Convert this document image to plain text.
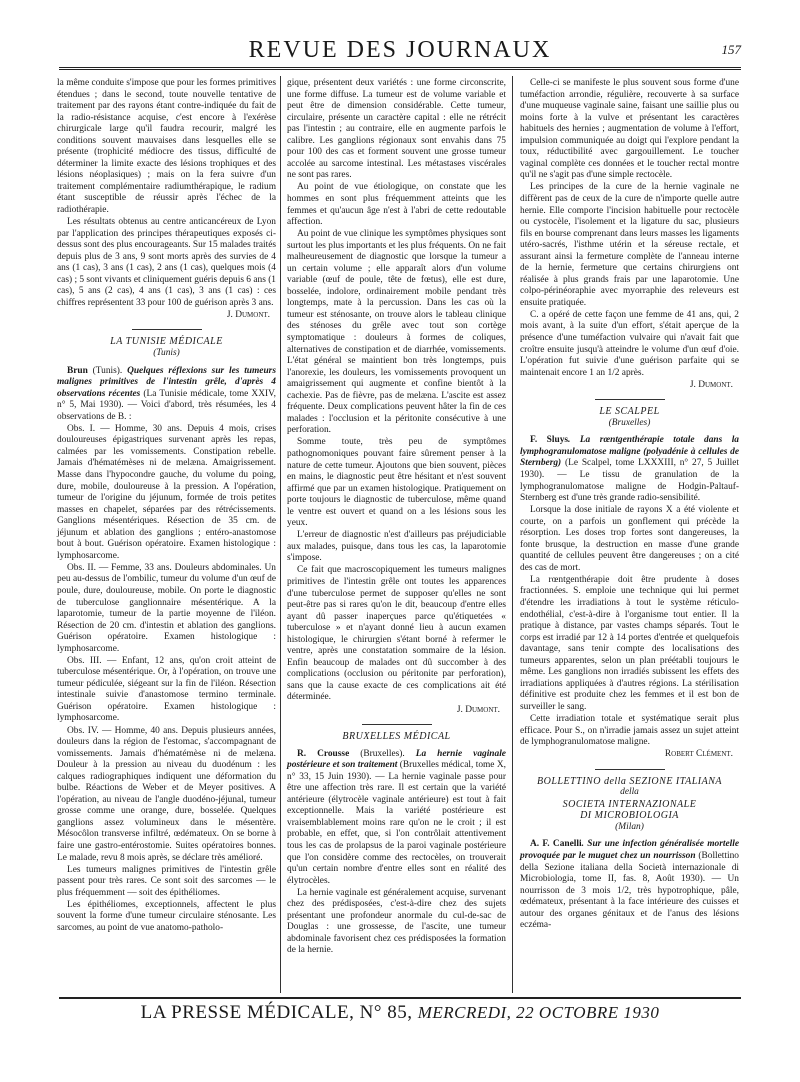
REVUE DES JOURNAUX	157

la même conduite s'impose que pour les formes primitives étendues ; dans le second, toute nouvelle tentative de traitement par des rayons étant contre-indiquée du fait de la radio-résistance acquise, c'est encore à l'exérèse chirurgicale large qu'il faudra recourir, malgré les conditions souvent mauvaises dans lesquelles elle se présente (trophicité médiocre des tissus, difficulté de déterminer la limite exacte des lésions trophiques et des lésions néoplasiques) ; mais on la fera suivre d'un traitement complémentaire radiumthérapique, le radium étant susceptible de réussir après l'échec de la radiothérapie.

Les résultats obtenus au centre anticancéreux de Lyon par l'application des principes thérapeutiques exposés ci-dessus sont des plus encourageants. Sur 15 malades traités depuis plus de 3 ans, 9 sont morts après des survies de 4 ans (1 cas), 3 ans (1 cas), 2 ans (1 cas), quelques mois (4 cas) ; 5 sont vivants et cliniquement guéris depuis 6 ans (1 cas), 5 ans (2 cas), 4 ans (1 cas), 3 ans (1 cas) : ces chiffres représentent 33 pour 100 de guérison après 3 ans.

J. Dumont.
LA TUNISIE MÉDICALE
(Tunis)

Brun (Tunis). Quelques réflexions sur les tumeurs malignes primitives de l'intestin grêle, d'après 4 observations récentes (La Tunisie médicale, tome XXIV, n° 5, Mai 1930). — Voici d'abord, très résumées, les 4 observations de B. :

Obs. I. — Homme, 30 ans. Depuis 4 mois, crises douloureuses épigastriques survenant après les repas, calmées par les vomissements. Constipation rebelle. Jamais d'hématémèses ni de melæna. Amaigrissement. Masse dans l'hypocondre gauche, du volume du poing, dure, mobile, douloureuse à la pression. A l'opération, tumeur de l'origine du jéjunum, formée de trois petites masses en chapelet, séparées par des rétrécissements. Ganglions mésentériques. Résection de 35 cm. de jéjunum et ablation des ganglions ; entéro-anastomose bout à bout. Guérison opératoire. Examen histologique : lymphosarcome.

Obs. II. — Femme, 33 ans. Douleurs abdominales. Un peu au-dessus de l'ombilic, tumeur du volume d'un œuf de poule, dure, douloureuse, mobile. On porte le diagnostic de tuberculose ganglionnaire mésentérique. A la laparotomie, tumeur de la partie moyenne de l'iléon. Résection de 20 cm. d'intestin et ablation des ganglions. Guérison opératoire. Examen histologique : lymphosarcome.

Obs. III. — Enfant, 12 ans, qu'on croit atteint de tuberculose mésentérique. Or, à l'opération, on trouve une tumeur pédiculée, siégeant sur la fin de l'iléon. Résection intestinale suivie d'anastomose termino terminale. Guérison opératoire. Examen histologique : lymphosarcome.

Obs. IV. — Homme, 40 ans. Depuis plusieurs années, douleurs dans la région de l'estomac, s'accompagnant de vomissements. Jamais d'hématémèse ni de melæna. Douleur à la pression au niveau du duodénum : les calques radiographiques indiquent une déformation du bulbe. Réactions de Weber et de Meyer positives. A l'opération, au niveau de l'angle duodéno-jéjunal, tumeur grosse comme une orange, dure, bosselée. Quelques ganglions assez volumineux dans le mésentère. Mésocôlon transverse infiltré, œdémateux. On se borne à faire une gastro-entérostomie. Suites opératoires bonnes. Le malade, revu 8 mois après, se déclare très amélioré.

Les tumeurs malignes primitives de l'intestin grêle passent pour très rares. Ce sont soit des sarcomes — le plus fréquemment — soit des épithéliomes.

Les épithéliomes, exceptionnels, affectent le plus souvent la forme d'une tumeur circulaire sténosante. Les sarcomes, au point de vue anatomo-patholo-

gique, présentent deux variétés : une forme circonscrite, une forme diffuse. La tumeur est de volume variable et peut être de dimension considérable. Cette tumeur, circulaire, présente un caractère capital : elle ne rétrécit pas l'intestin ; au contraire, elle en augmente parfois le calibre. Les ganglions régionaux sont envahis dans 75 pour 100 des cas et forment souvent une grosse tumeur accolée au sarcome intestinal. Les métastases viscérales ne sont pas rares.

Au point de vue étiologique, on constate que les hommes en sont plus fréquemment atteints que les femmes et qu'aucun âge n'est à l'abri de cette redoutable affection.

Au point de vue clinique les symptômes physiques sont surtout les plus importants et les plus fréquents. On ne fait malheureusement de diagnostic que lorsque la tumeur a un certain volume ; elle apparaît alors d'un volume variable (œuf de poule, tête de fœtus), elle est dure, bosselée, indolore, ordinairement mobile pendant très longtemps, mate à la percussion. Dans les cas où la tumeur est sténosante, on trouve alors le tableau clinique des sténoses du grêle avec tout son cortège symptomatique : douleurs à formes de coliques, alternatives de constipation et de diarrhée, vomissements. L'état général se maintient bon très longtemps, puis l'anorexie, les douleurs, les vomissements provoquent un amaigrissement qui augmente et confine bientôt à la cachexie. Pas de fièvre, pas de melæna. L'ascite est assez fréquente. Deux complications peuvent hâter la fin de ces malades : l'occlusion et la péritonite consécutive à une perforation.

Somme toute, très peu de symptômes pathognomoniques pouvant faire sûrement penser à la nature de cette tumeur. Ajoutons que bien souvent, pièces en mains, le diagnostic peut être hésitant et n'est souvent affirmé que par un examen histologique. Pratiquement on porte toujours le diagnostic de tuberculose, même quand le ventre est ouvert et quand on a les lésions sous les yeux.

L'erreur de diagnostic n'est d'ailleurs pas préjudiciable aux malades, puisque, dans tous les cas, la laparotomie s'impose.

Ce fait que macroscopiquement les tumeurs malignes primitives de l'intestin grêle ont toutes les apparences d'une tuberculose permet de supposer qu'elles ne sont peut-être pas si rares qu'on le dit, beaucoup d'entre elles ayant dû passer inaperçues parce qu'étiquetées « tuberculose » et n'ayant donné lieu à aucun examen histologique, le chirurgien s'étant borné à refermer le ventre, après une constatation sommaire de la lésion. Enfin beaucoup de malades ont dû succomber à des complications (occlusion ou péritonite par perforation), sans que la cause exacte de ces complications ait été déterminée.

J. Dumont.
BRUXELLES MÉDICAL

R. Crousse (Bruxelles). La hernie vaginale postérieure et son traitement (Bruxelles médical, tome X, n° 33, 15 Juin 1930). — La hernie vaginale passe pour être une affection très rare. Il est certain que la variété antérieure (élytrocèle vaginale antérieure) est tout à fait exceptionnelle. Mais la variété postérieure est vraisemblablement moins rare qu'on ne le croit ; il est probable, en effet, que, si l'on contrôlait attentivement tous les cas de prolapsus de la paroi vaginale postérieure que l'on considère comme des rectocèles, on trouverait qu'un certain nombre d'entre elles sont en réalité des élytrocèles.

La hernie vaginale est généralement acquise, survenant chez des prédisposées, c'est-à-dire chez des sujets présentant une profondeur anormale du cul-de-sac de Douglas : une grossesse, de l'ascite, une tumeur abdominale favorisent chez ces prédisposées la formation de la hernie.

Celle-ci se manifeste le plus souvent sous forme d'une tuméfaction arrondie, régulière, recouverte à sa surface d'une muqueuse vaginale saine, faisant une saillie plus ou moins forte à la vulve et présentant les caractères habituels des hernies ; augmentation de volume à l'effort, impulsion communiquée au doigt qui l'explore pendant la toux, réductibilité avec gargouillement. Le toucher vaginal complète ces données et le toucher rectal montre qu'il ne s'agit pas d'une simple rectocèle.

Les principes de la cure de la hernie vaginale ne diffèrent pas de ceux de la cure de n'importe quelle autre hernie. Elle comporte l'incision habituelle pour rectocèle ou cystocèle, l'isolement et la ligature du sac, plusieurs fils en bourse comprenant dans leurs masses les ligaments utéro-sacrés, l'isthme utérin et la séreuse rectale, et assurant ainsi la fermeture complète de l'anneau interne de la hernie, fermeture que certains chirurgiens ont réalisée à plus grands frais par une laparotomie. Une colpo-périnéoraphie avec myorraphie des releveurs est ensuite pratiquée.

C. a opéré de cette façon une femme de 41 ans, qui, 2 mois avant, à la suite d'un effort, s'était aperçue de la présence d'une tuméfaction vulvaire qui n'avait fait que croître ensuite jusqu'à atteindre le volume d'un œuf d'oie. L'opération fut suivie d'une guérison parfaite qui se maintenait encore 1 an 1/2 après.

J. Dumont.
LE SCALPEL
(Bruxelles)

F. Sluys. La rœntgenthérapie totale dans la lymphogranulomatose maligne (polyadénie à cellules de Sternberg) (Le Scalpel, tome LXXXIII, n° 27, 5 Juillet 1930). — Le tissu de granulation de la lymphogranulomatose maligne de Hodgin-Paltauf-Sternberg est d'une très grande radio-sensibilité.

Lorsque la dose initiale de rayons X a été violente et courte, on a parfois un gonflement qui précède la résorption. Les doses trop fortes sont dangereuses, la fonte brusque, la destruction en masse d'une grande quantité de cellules peuvent être dangereuses ; on a cité des cas de mort.

La rœntgenthérapie doit être prudente à doses fractionnées. S. emploie une technique qui lui permet d'étendre les irradiations à tout le système réticulo-endothélial, c'est-à-dire à l'organisme tout entier. Il la pratique à distance, par vastes champs séparés. Tout le corps est irradié par 12 à 14 portes d'entrée et quelquefois davantage, sans tenir compte des localisations des tumeurs apparentes, selon un plan préétabli toujours le même. Les ganglions non irradiés subissent les effets des irradiations appliquées à d'autres régions. La stérilisation définitive est produite chez les femmes et il est bon de surveiller le sang.

Cette irradiation totale et systématique serait plus efficace. Pour S., on n'irradie jamais assez un sujet atteint de lymphogranulomatose maligne.

Robert Clément.
BOLLETTINO della SEZIONE ITALIANA
della
SOCIETA INTERNAZIONALE
DI MICROBIOLOGIA
(Milan)

A. F. Canelli. Sur une infection généralisée mortelle provoquée par le muguet chez un nourrisson (Bollettino della Sezione italiana della Società internazionale di Microbiologia, tome II, fas. 8, Août 1930). — Un nourrisson de 3 mois 1/2, très hypotrophique, pâle, œdémateux, présentant à la face intérieure des cuisses et autour des organes génitaux et de l'anus des lésions eczéma-

LA PRESSE MÉDICALE, N° 85, MERCREDI, 22 OCTOBRE 1930
